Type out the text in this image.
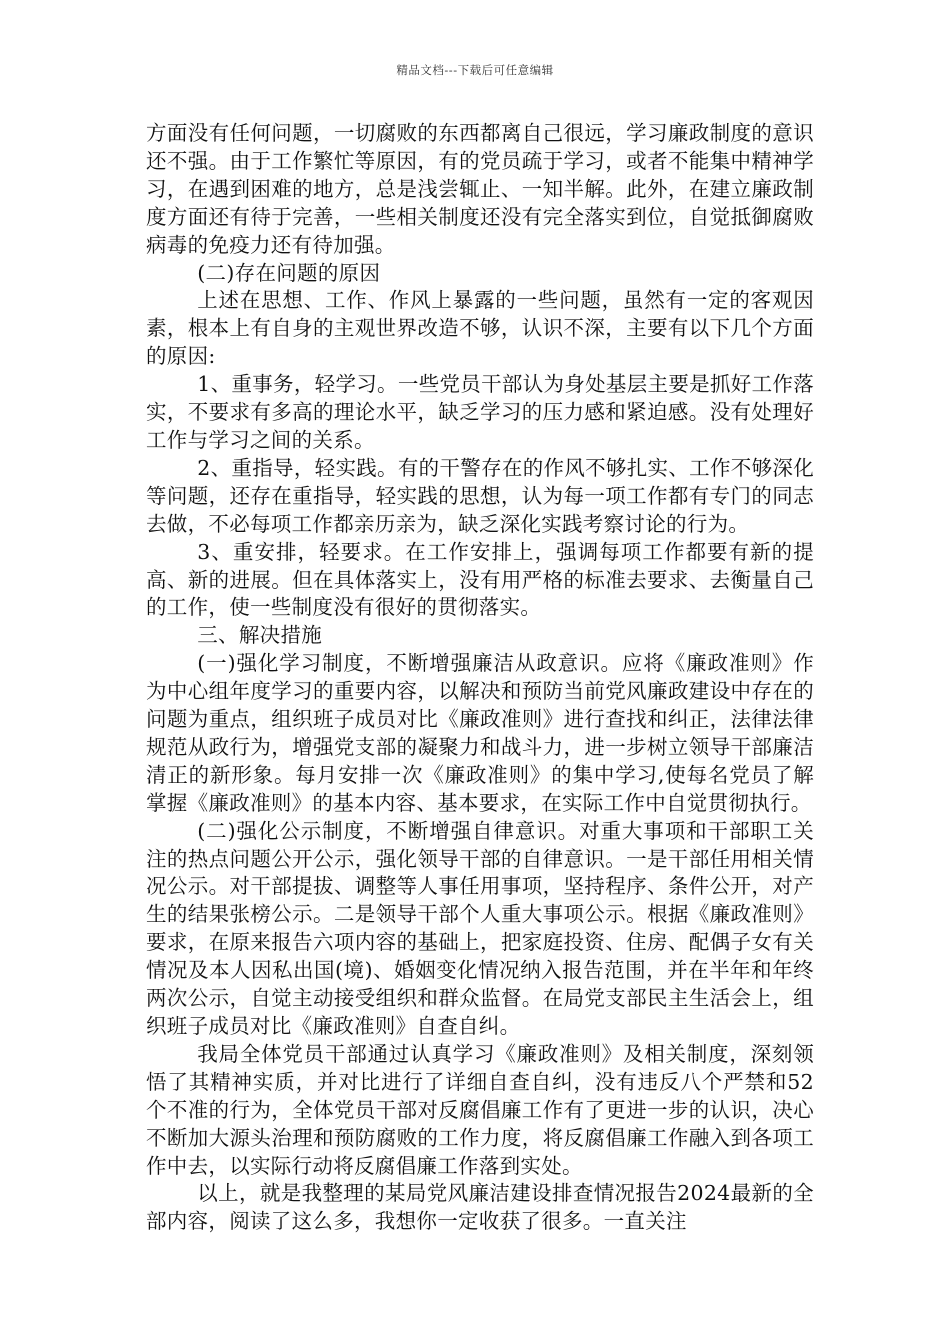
精品文档---下载后可任意编辑

方面没有任何问题，一切腐败的东西都离自己很远，学习廉政制度的意识还不强。由于工作繁忙等原因，有的党员疏于学习，或者不能集中精神学习，在遇到困难的地方，总是浅尝辄止、一知半解。此外，在建立廉政制度方面还有待于完善，一些相关制度还没有完全落实到位，自觉抵御腐败病毒的免疫力还有待加强。

(二)存在问题的原因

上述在思想、工作、作风上暴露的一些问题，虽然有一定的客观因素，根本上有自身的主观世界改造不够，认识不深，主要有以下几个方面的原因:

1、重事务，轻学习。一些党员干部认为身处基层主要是抓好工作落实，不要求有多高的理论水平，缺乏学习的压力感和紧迫感。没有处理好工作与学习之间的关系。

2、重指导，轻实践。有的干警存在的作风不够扎实、工作不够深化等问题，还存在重指导，轻实践的思想，认为每一项工作都有专门的同志去做，不必每项工作都亲历亲为，缺乏深化实践考察讨论的行为。

3、重安排，轻要求。在工作安排上，强调每项工作都要有新的提高、新的进展。但在具体落实上，没有用严格的标准去要求、去衡量自己的工作，使一些制度没有很好的贯彻落实。

三、解决措施

(一)强化学习制度，不断增强廉洁从政意识。应将《廉政准则》作为中心组年度学习的重要内容，以解决和预防当前党风廉政建设中存在的问题为重点，组织班子成员对比《廉政准则》进行查找和纠正，法律法律规范从政行为，增强党支部的凝聚力和战斗力，进一步树立领导干部廉洁清正的新形象。每月安排一次《廉政准则》的集中学习,使每名党员了解掌握《廉政准则》的基本内容、基本要求，在实际工作中自觉贯彻执行。

(二)强化公示制度，不断增强自律意识。对重大事项和干部职工关注的热点问题公开公示，强化领导干部的自律意识。一是干部任用相关情况公示。对干部提拔、调整等人事任用事项，坚持程序、条件公开，对产生的结果张榜公示。二是领导干部个人重大事项公示。根据《廉政准则》要求，在原来报告六项内容的基础上，把家庭投资、住房、配偶子女有关情况及本人因私出国(境)、婚姻变化情况纳入报告范围，并在半年和年终两次公示，自觉主动接受组织和群众监督。在局党支部民主生活会上，组织班子成员对比《廉政准则》自查自纠。

我局全体党员干部通过认真学习《廉政准则》及相关制度，深刻领悟了其精神实质，并对比进行了详细自查自纠，没有违反八个严禁和52个不准的行为，全体党员干部对反腐倡廉工作有了更进一步的认识，决心不断加大源头治理和预防腐败的工作力度，将反腐倡廉工作融入到各项工作中去，以实际行动将反腐倡廉工作落到实处。

以上，就是我整理的某局党风廉洁建设排查情况报告2024最新的全部内容，阅读了这么多，我想你一定收获了很多。一直关注
